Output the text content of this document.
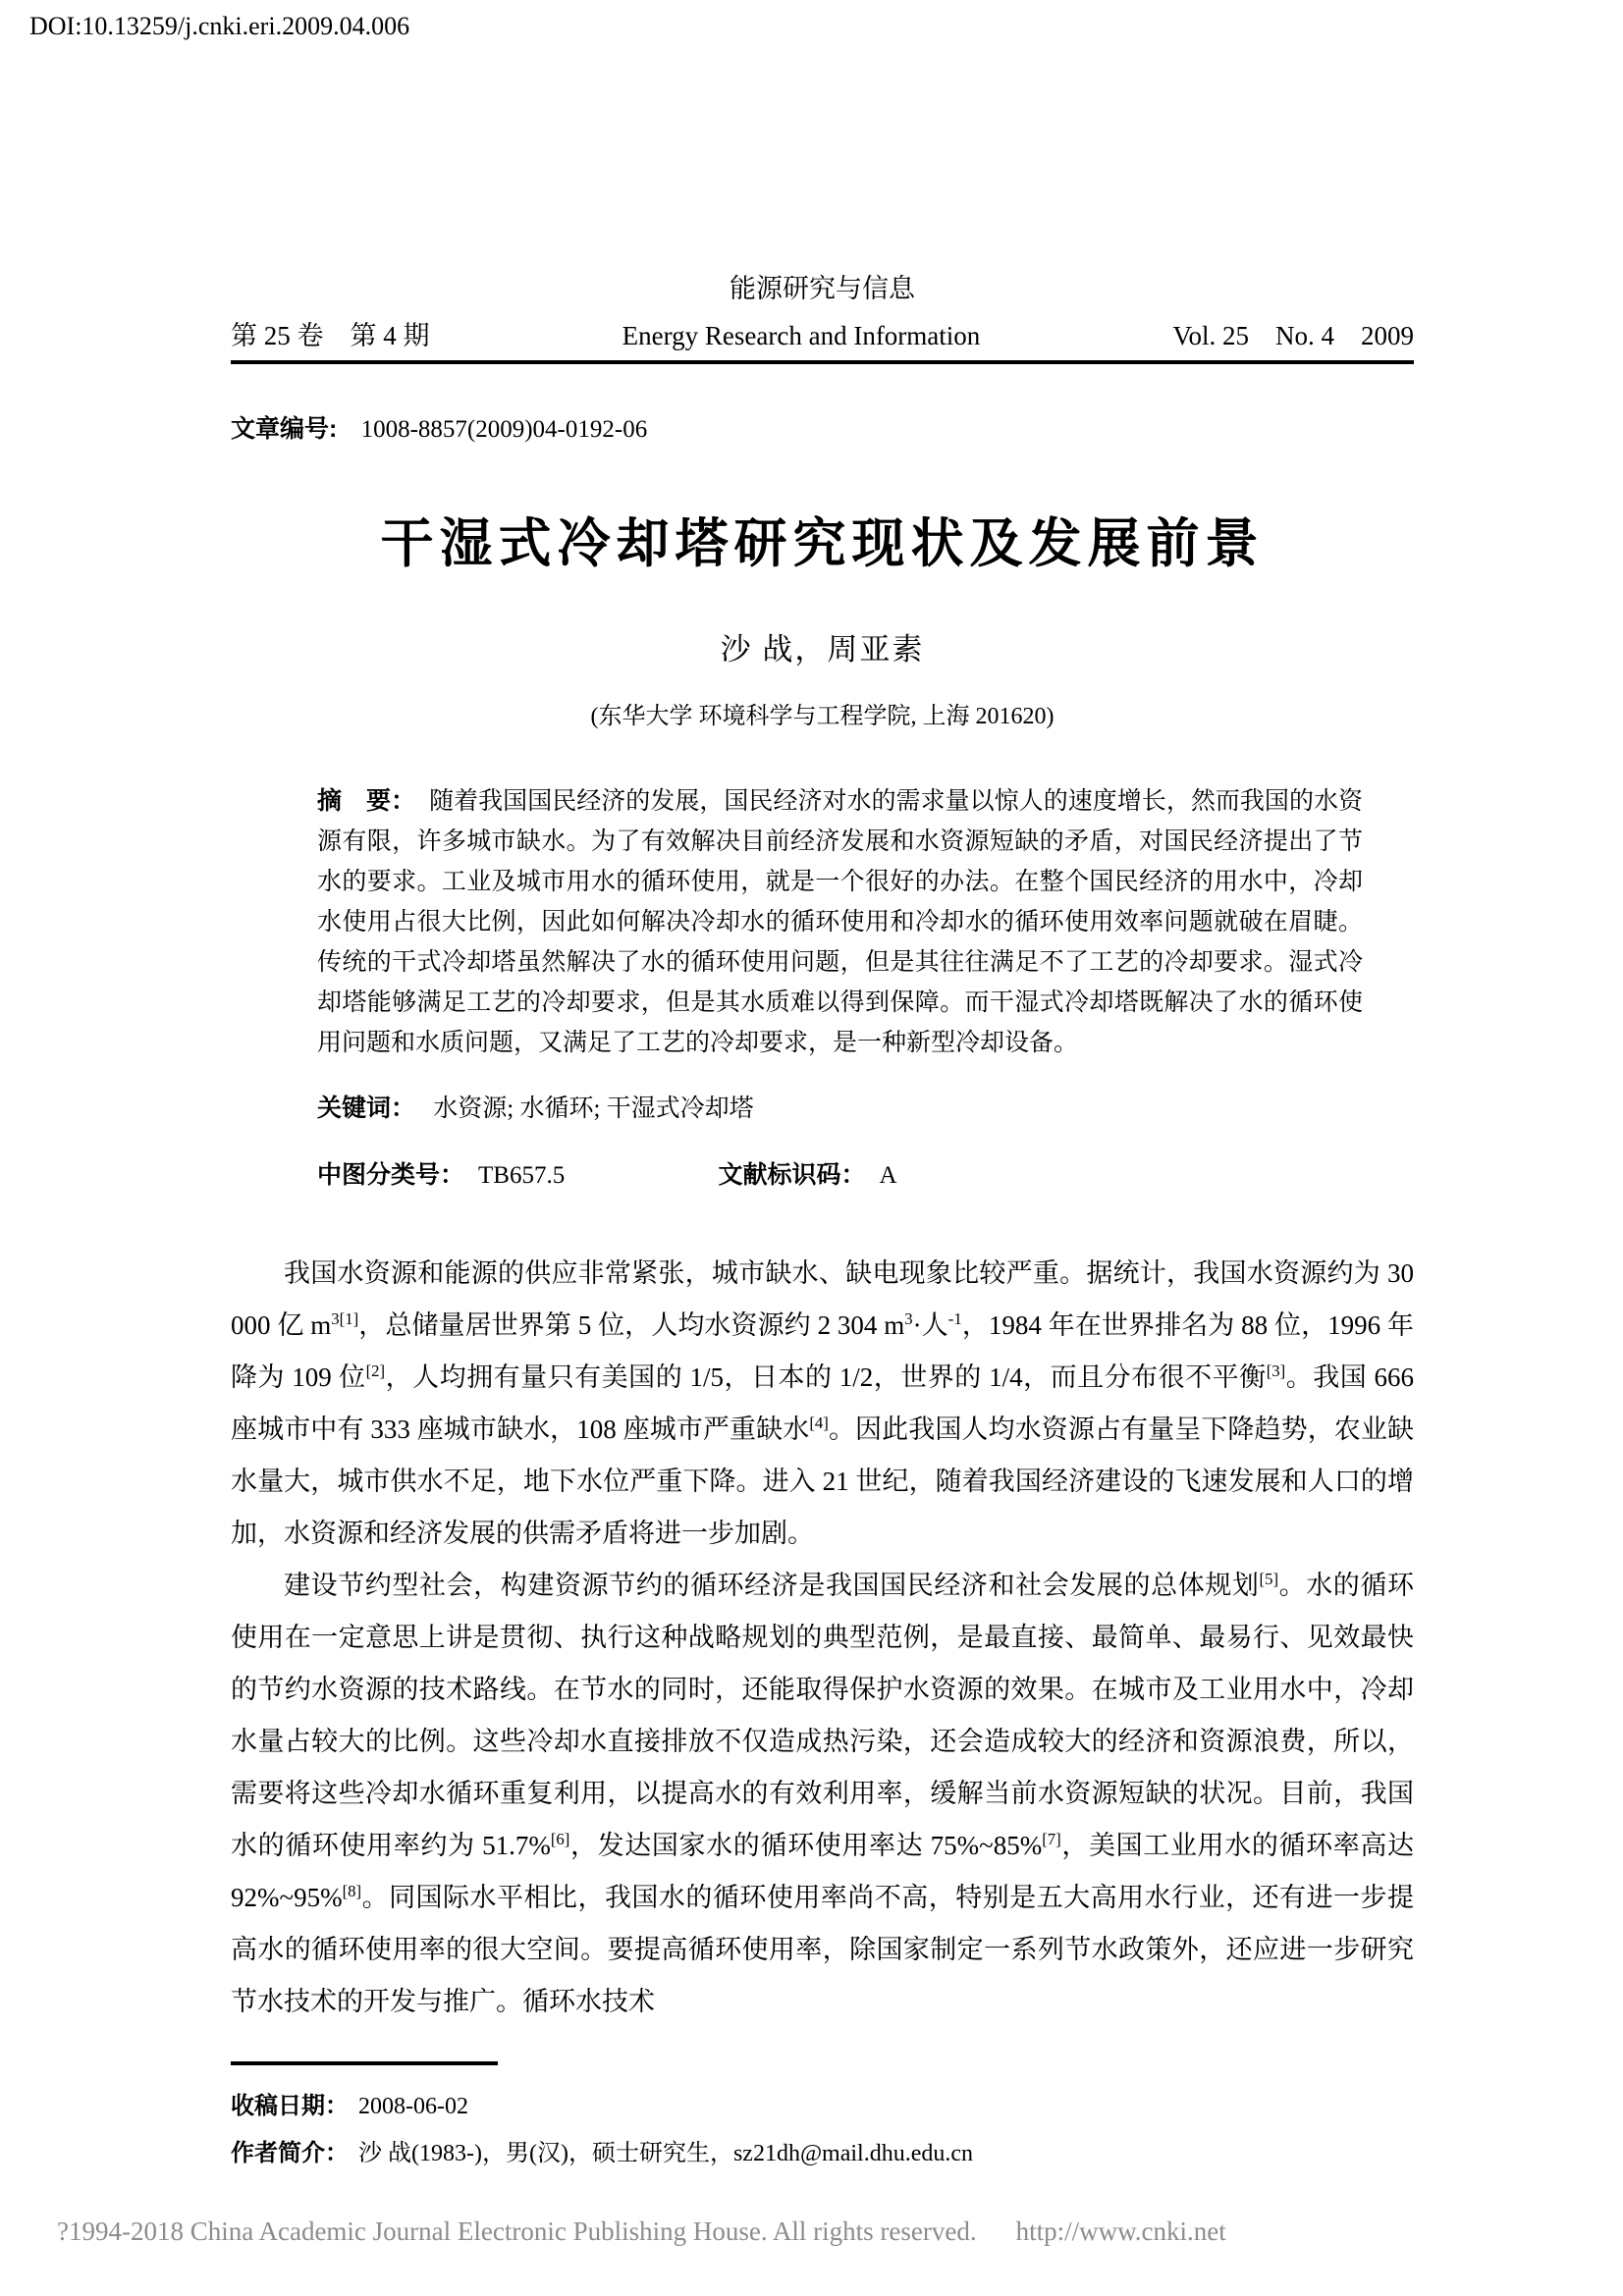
DOI:10.13259/j.cnki.eri.2009.04.006
能源研究与信息
第 25 卷　第 4 期	Energy Research and Information	Vol. 25　No. 4　2009
文章编号: 1008-8857(2009)04-0192-06
干湿式冷却塔研究现状及发展前景
沙 战，周亚素
(东华大学 环境科学与工程学院, 上海 201620)
摘　要： 随着我国国民经济的发展，国民经济对水的需求量以惊人的速度增长，然而我国的水资源有限，许多城市缺水。为了有效解决目前经济发展和水资源短缺的矛盾，对国民经济提出了节水的要求。工业及城市用水的循环使用，就是一个很好的办法。在整个国民经济的用水中，冷却水使用占很大比例，因此如何解决冷却水的循环使用和冷却水的循环使用效率问题就破在眉睫。传统的干式冷却塔虽然解决了水的循环使用问题，但是其往往满足不了工艺的冷却要求。湿式冷却塔能够满足工艺的冷却要求，但是其水质难以得到保障。而干湿式冷却塔既解决了水的循环使用问题和水质问题，又满足了工艺的冷却要求，是一种新型冷却设备。
关键词： 水资源; 水循环; 干湿式冷却塔
中图分类号： TB657.5	文献标识码： A

我国水资源和能源的供应非常紧张，城市缺水、缺电现象比较严重。据统计，我国水资源约为 30 000 亿 $m^{3[1]}$，总储量居世界第 5 位，人均水资源约 2 304 $m^3\cdot$人$^{-1}$，1984 年在世界排名为 88 位，1996 年降为 109 位[2]，人均拥有量只有美国的 1/5，日本的 1/2，世界的 1/4，而且分布很不平衡[3]。我国 666 座城市中有 333 座城市缺水，108 座城市严重缺水[4]。因此我国人均水资源占有量呈下降趋势，农业缺水量大，城市供水不足，地下水位严重下降。进入 21 世纪，随着我国经济建设的飞速发展和人口的增加，水资源和经济发展的供需矛盾将进一步加剧。

建设节约型社会，构建资源节约的循环经济是我国国民经济和社会发展的总体规划[5]。水的循环使用在一定意思上讲是贯彻、执行这种战略规划的典型范例，是最直接、最简单、最易行、见效最快的节约水资源的技术路线。在节水的同时，还能取得保护水资源的效果。在城市及工业用水中，冷却水量占较大的比例。这些冷却水直接排放不仅造成热污染，还会造成较大的经济和资源浪费，所以，需要将这些冷却水循环重复利用，以提高水的有效利用率，缓解当前水资源短缺的状况。目前，我国水的循环使用率约为 51.7%[6]，发达国家水的循环使用率达 75%~85%[7]，美国工业用水的循环率高达 92%~95%[8]。同国际水平相比，我国水的循环使用率尚不高，特别是五大高用水行业，还有进一步提高水的循环使用率的很大空间。要提高循环使用率，除国家制定一系列节水政策外，还应进一步研究节水技术的开发与推广。循环水技术

收稿日期： 2008-06-02
作者简介： 沙 战(1983-)，男(汉)，硕士研究生，sz21dh@mail.dhu.edu.cn
?1994-2018 China Academic Journal Electronic Publishing House. All rights reserved. http://www.cnki.net
